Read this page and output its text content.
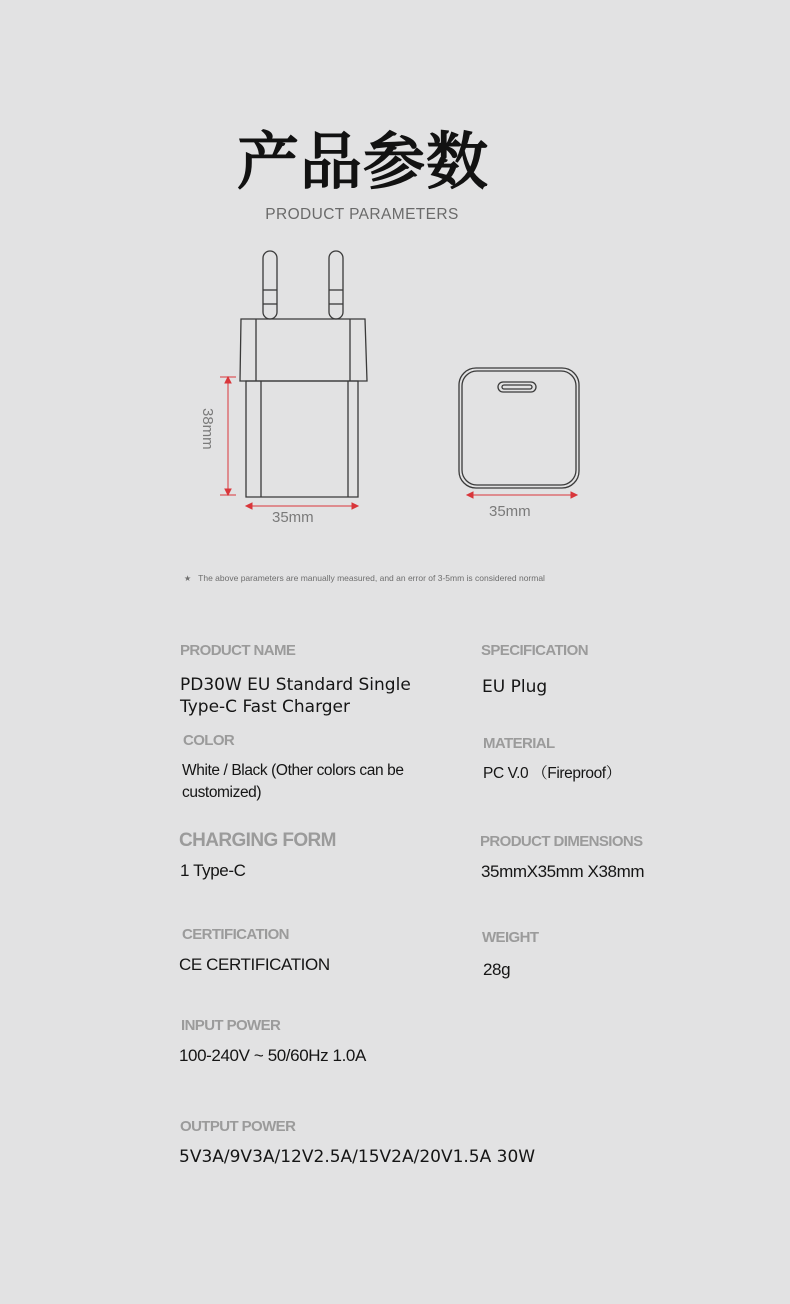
产品参数
PRODUCT PARAMETERS
38mm
35mm	35mm
★ The above parameters are manually measured, and an error of 3-5mm is considered normal
PRODUCT NAME
PD30W EU Standard Single
Type-C Fast Charger
SPECIFICATION
EU Plug
COLOR
White / Black (Other colors can be
customized)
MATERIAL
PC V.0 （Fireproof）
CHARGING FORM
1 Type-C
PRODUCT DIMENSIONS
35mmX35mm X38mm
CERTIFICATION
CE CERTIFICATION
WEIGHT
28g
INPUT POWER
100-240V ~ 50/60Hz 1.0A
OUTPUT POWER
5V3A/9V3A/12V2.5A/15V2A/20V1.5A 30W
